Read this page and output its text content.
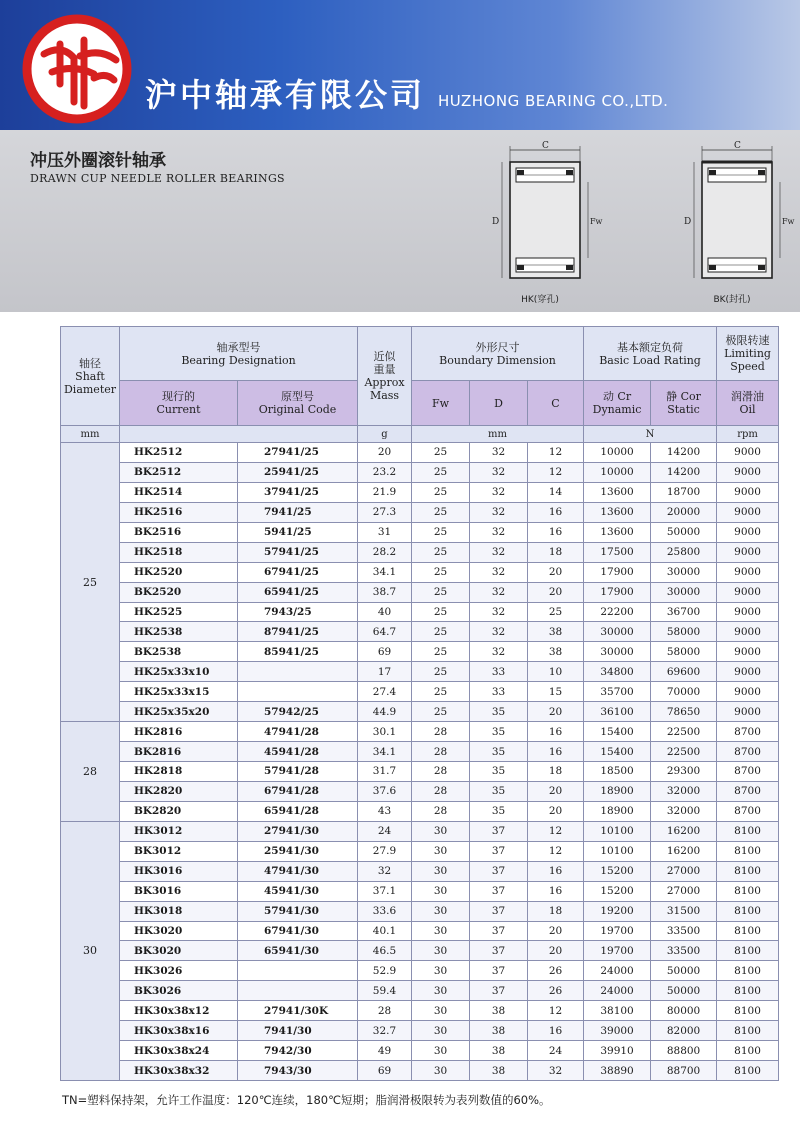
沪中轴承有限公司 HUZHONG BEARING CO.,LTD.
冲压外圈滚针轴承
DRAWN CUP NEEDLE ROLLER BEARINGS
C
D	Fw
HK(穿孔)
C
D	Fw
BK(封孔)
轴径
Shaft
Diameter	轴承型号
Bearing Designation		近似
重量
Approx
Mass	外形尺寸
Boundary Dimension			基本额定负荷
Basic Load Rating		极限转速
Limiting
Speed
	现行的
Current	原型号
Original Code		Fw	D	C	动 Cr
Dynamic	静 Cor
Static	润滑油
Oil
mm			g	mm			N		rpm
25	HK2512	27941/25	20	25	32	12	10000	14200	9000
	BK2512	25941/25	23.2	25	32	12	10000	14200	9000
	HK2514	37941/25	21.9	25	32	14	13600	18700	9000
	HK2516	7941/25	27.3	25	32	16	13600	20000	9000
	BK2516	5941/25	31	25	32	16	13600	50000	9000
	HK2518	57941/25	28.2	25	32	18	17500	25800	9000
	HK2520	67941/25	34.1	25	32	20	17900	30000	9000
	BK2520	65941/25	38.7	25	32	20	17900	30000	9000
	HK2525	7943/25	40	25	32	25	22200	36700	9000
	HK2538	87941/25	64.7	25	32	38	30000	58000	9000
	BK2538	85941/25	69	25	32	38	30000	58000	9000
	HK25x33x10		17	25	33	10	34800	69600	9000
	HK25x33x15		27.4	25	33	15	35700	70000	9000
	HK25x35x20	57942/25	44.9	25	35	20	36100	78650	9000
28	HK2816	47941/28	30.1	28	35	16	15400	22500	8700
	BK2816	45941/28	34.1	28	35	16	15400	22500	8700
	HK2818	57941/28	31.7	28	35	18	18500	29300	8700
	HK2820	67941/28	37.6	28	35	20	18900	32000	8700
	BK2820	65941/28	43	28	35	20	18900	32000	8700
30	HK3012	27941/30	24	30	37	12	10100	16200	8100
	BK3012	25941/30	27.9	30	37	12	10100	16200	8100
	HK3016	47941/30	32	30	37	16	15200	27000	8100
	BK3016	45941/30	37.1	30	37	16	15200	27000	8100
	HK3018	57941/30	33.6	30	37	18	19200	31500	8100
	HK3020	67941/30	40.1	30	37	20	19700	33500	8100
	BK3020	65941/30	46.5	30	37	20	19700	33500	8100
	HK3026		52.9	30	37	26	24000	50000	8100
	BK3026		59.4	30	37	26	24000	50000	8100
	HK30x38x12	27941/30K	28	30	38	12	38100	80000	8100
	HK30x38x16	7941/30	32.7	30	38	16	39000	82000	8100
	HK30x38x24	7942/30	49	30	38	24	39910	88800	8100
	HK30x38x32	7943/30	69	30	38	32	38890	88700	8100
TN=塑料保持架，允许工作温度：120℃连续，180℃短期；脂润滑极限转为表列数值的60%。
